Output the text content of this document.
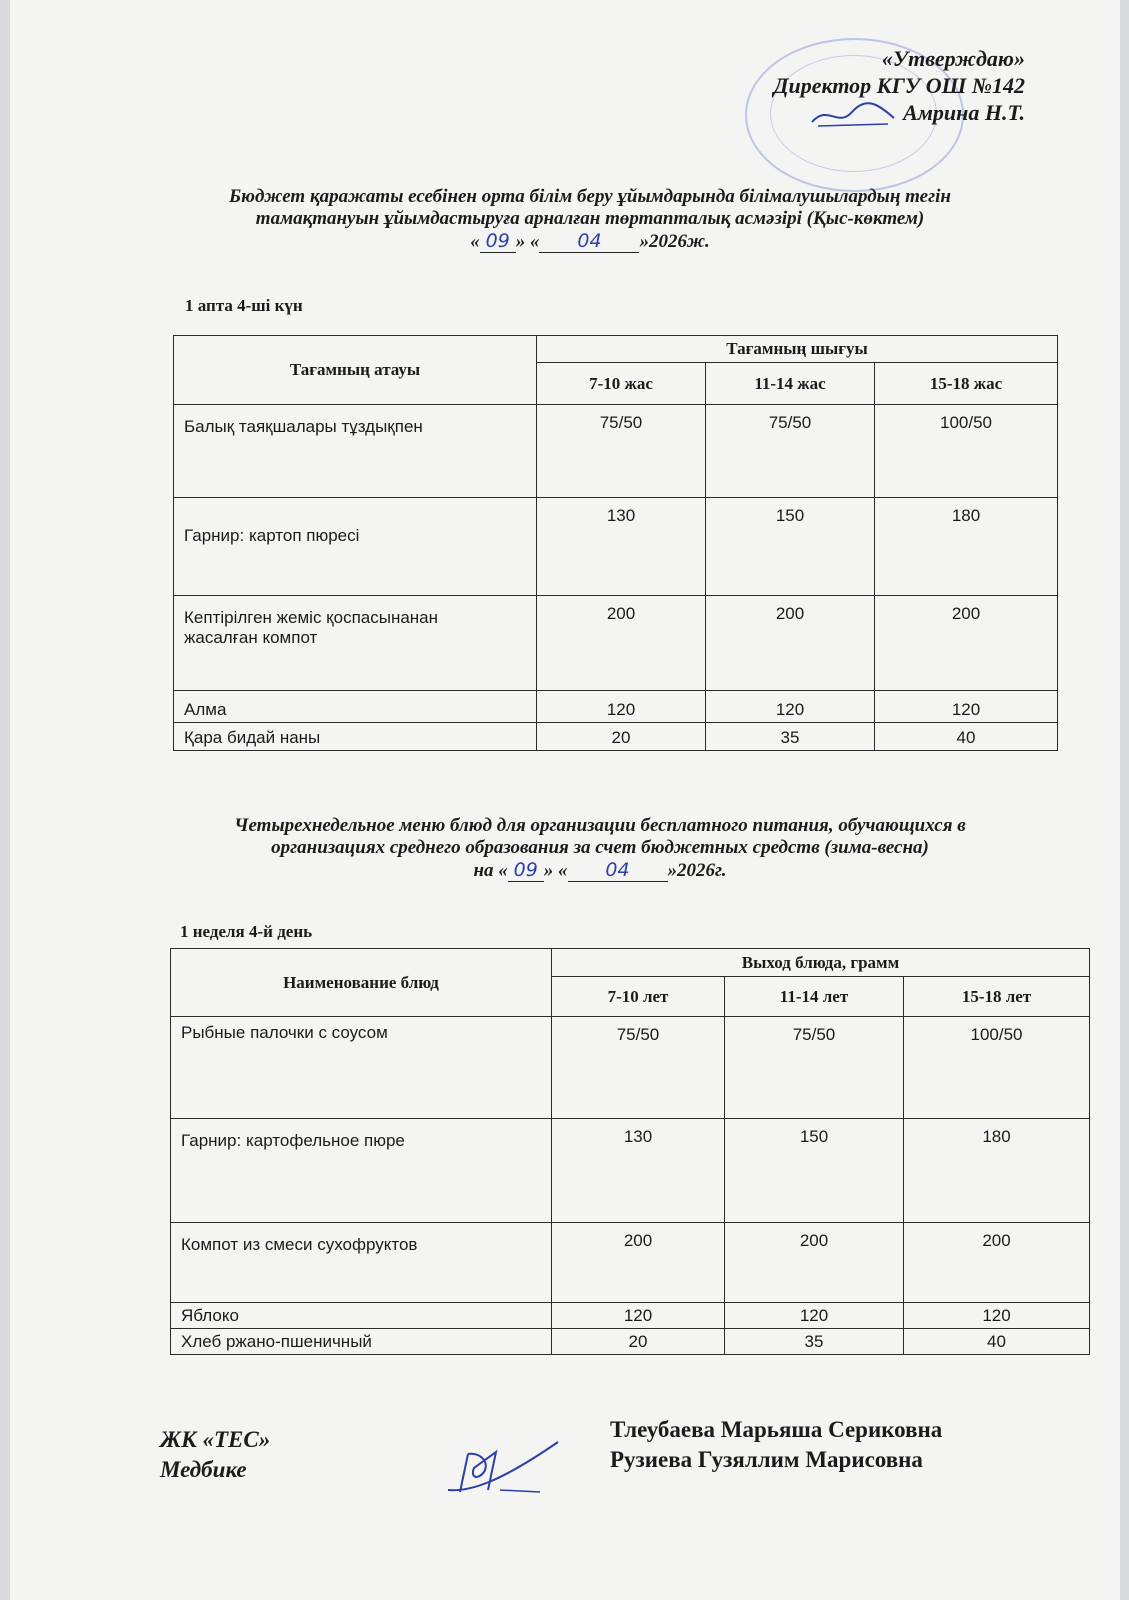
«Утверждаю»
Директор КГУ ОШ №142
Амрина Н.Т.
Бюджет қаражаты есебінен орта білім беру ұйымдарында білімалушылардың тегін
тамақтануын ұйымдастыруға арналған төртапталық асмәзірі (Қыс-көктем)
« 09 » « 04 »2026ж.
1 апта 4-ші күн
Тағамның атауы	Тағамның шығуы		
	7-10 жас	11-14 жас	15-18 жас
Балық таяқшалары тұздықпен	75/50	75/50	100/50
Гарнир: картоп пюресі	130	150	180
Кептірілген жеміс қоспасынанан жасалған компот	200	200	200
Алма	120	120	120
Қара бидай наны	20	35	40
Четырехнедельное меню блюд для организации бесплатного питания, обучающихся в
организациях среднего образования за счет бюджетных средств (зима-весна)
на « 09 » « 04 »2026г.
1 неделя 4-й день
Наименование блюд	Выход блюда, грамм		
	7-10 лет	11-14 лет	15-18 лет
Рыбные палочки с соусом	75/50	75/50	100/50
Гарнир: картофельное пюре	130	150	180
Компот из смеси сухофруктов	200	200	200
Яблоко	120	120	120
Хлеб ржано-пшеничный	20	35	40
ЖК «ТЕС»
Медбике
Тлеубаева Марьяша Сериковна
Рузиева Гузяллим Марисовна
